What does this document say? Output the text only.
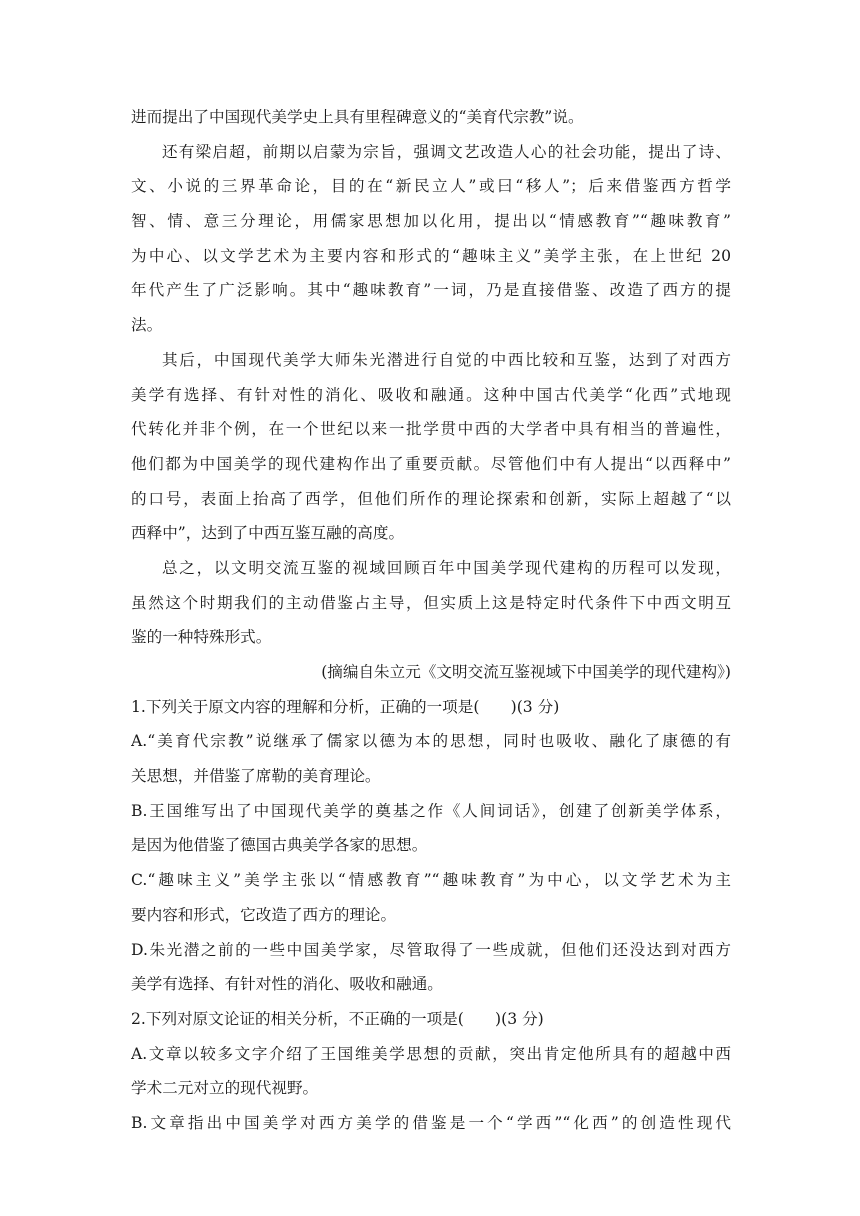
进而提出了中国现代美学史上具有里程碑意义的“美育代宗教”说。
还有梁启超，前期以启蒙为宗旨，强调文艺改造人心的社会功能，提出了诗、
文、小说的三界革命论，目的在“新民立人”或曰“移人”；后来借鉴西方哲学
智、情、意三分理论，用儒家思想加以化用，提出以“情感教育”“趣味教育”
为中心、以文学艺术为主要内容和形式的“趣味主义”美学主张，在上世纪 20
年代产生了广泛影响。其中“趣味教育”一词，乃是直接借鉴、改造了西方的提
法。
其后，中国现代美学大师朱光潜进行自觉的中西比较和互鉴，达到了对西方
美学有选择、有针对性的消化、吸收和融通。这种中国古代美学“化西”式地现
代转化并非个例，在一个世纪以来一批学贯中西的大学者中具有相当的普遍性，
他们都为中国美学的现代建构作出了重要贡献。尽管他们中有人提出“以西释中”
的口号，表面上抬高了西学，但他们所作的理论探索和创新，实际上超越了“以
西释中”，达到了中西互鉴互融的高度。
总之，以文明交流互鉴的视域回顾百年中国美学现代建构的历程可以发现，
虽然这个时期我们的主动借鉴占主导，但实质上这是特定时代条件下中西文明互
鉴的一种特殊形式。
(摘编自朱立元《文明交流互鉴视域下中国美学的现代建构》)
1.下列关于原文内容的理解和分析，正确的一项是(　　)(3 分)
A.“美育代宗教”说继承了儒家以德为本的思想，同时也吸收、融化了康德的有
关思想，并借鉴了席勒的美育理论。
B.王国维写出了中国现代美学的奠基之作《人间词话》，创建了创新美学体系，
是因为他借鉴了德国古典美学各家的思想。
C.“趣味主义”美学主张以“情感教育”“趣味教育”为中心，以文学艺术为主
要内容和形式，它改造了西方的理论。
D.朱光潜之前的一些中国美学家，尽管取得了一些成就，但他们还没达到对西方
美学有选择、有针对性的消化、吸收和融通。
2.下列对原文论证的相关分析，不正确的一项是(　　)(3 分)
A.文章以较多文字介绍了王国维美学思想的贡献，突出肯定他所具有的超越中西
学术二元对立的现代视野。
B.文章指出中国美学对西方美学的借鉴是一个“学西”“化西”的创造性现代
